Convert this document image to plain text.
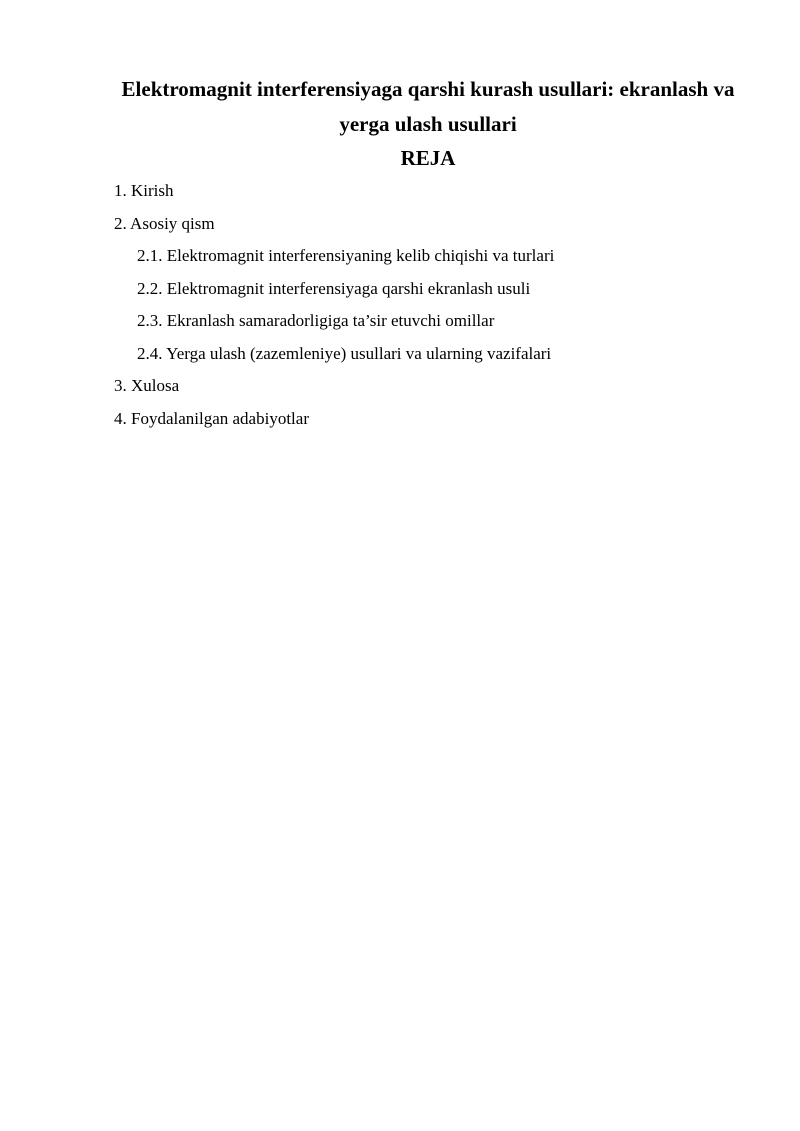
Elektromagnit interferensiyaga qarshi kurash usullari: ekranlash va yerga ulash usullari
REJA
1. Kirish
2. Asosiy qism
2.1. Elektromagnit interferensiyaning kelib chiqishi va turlari
2.2. Elektromagnit interferensiyaga qarshi ekranlash usuli
2.3. Ekranlash samaradorligiga ta’sir etuvchi omillar
2.4. Yerga ulash (zazemleniye) usullari va ularning vazifalari
3. Xulosa
4. Foydalanilgan adabiyotlar
